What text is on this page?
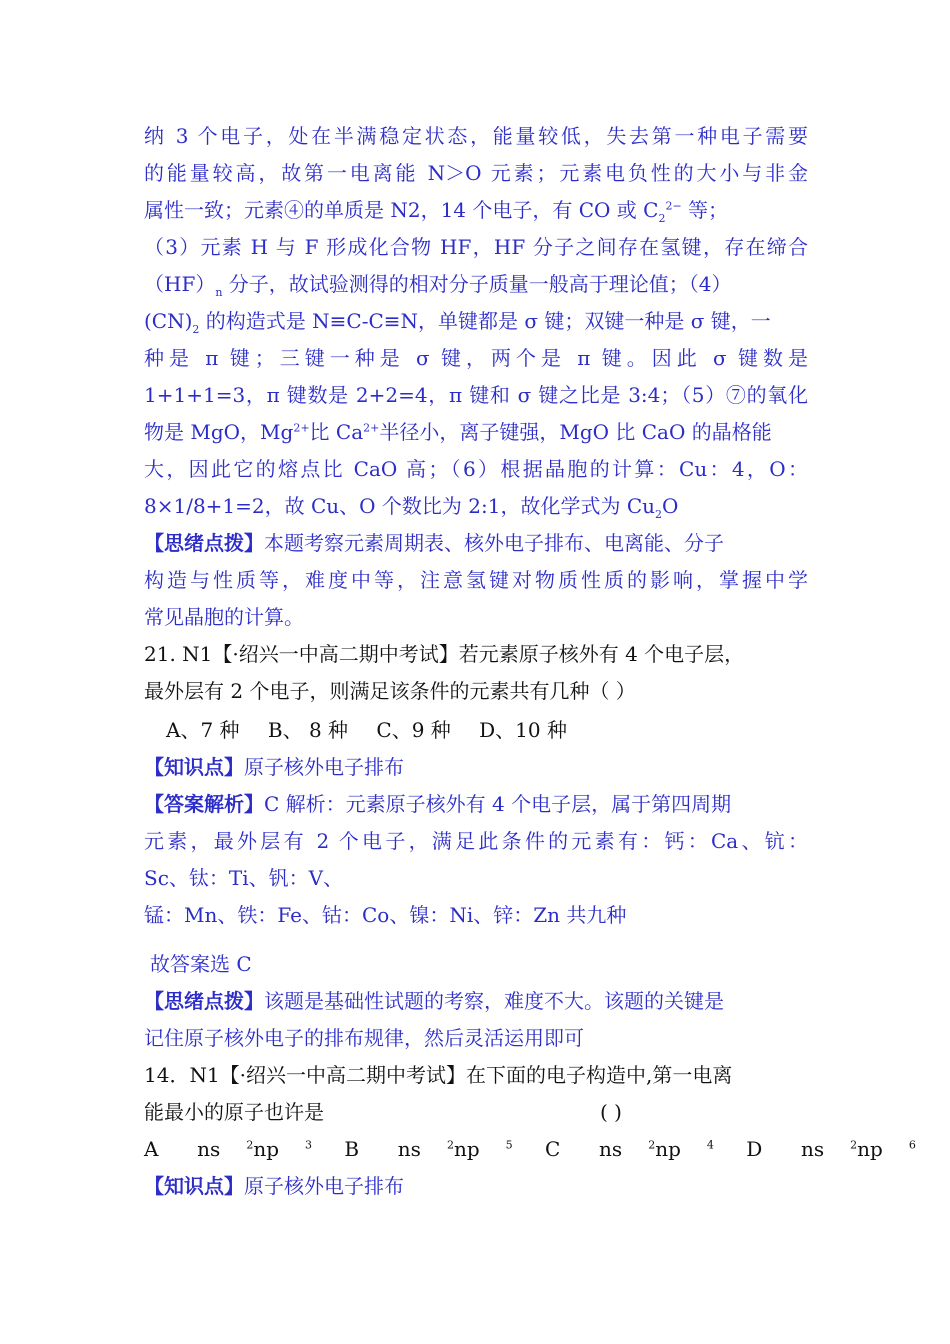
纳 3 个电子，处在半满稳定状态，能量较低，失去第一种电子需要
的能量较高，故第一电离能 N＞O 元素；元素电负性的大小与非金
属性一致；元素④的单质是 N2，14 个电子，有 CO 或 $C_2^{2-}$ 等；
（3）元素 H 与 F 形成化合物 HF，HF 分子之间存在氢键，存在缔合
$(HF)_n$ 分子，故试验测得的相对分子质量一般高于理论值；（4）
$(CN)_2$ 的构造式是 N≡C-C≡N，单键都是 σ 键；双键一种是 σ 键，一
种是 π 键；三键一种是 σ 键，两个是 π 键。因此 σ 键数是
1+1+1=3，π 键数是 2+2=4，π 键和 σ 键之比是 3:4；（5）⑦的氧化
物是 MgO，$Mg^{2+}$比 $Ca^{2+}$半径小，离子键强，MgO 比 CaO 的晶格能
大，因此它的熔点比 CaO 高；（6）根据晶胞的计算：Cu：4，O：
8×1/8+1=2，故 Cu、O 个数比为 2:1，故化学式为 $Cu_2O$
【思绪点拨】本题考察元素周期表、核外电子排布、电离能、分子
构造与性质等，难度中等，注意氢键对物质性质的影响，掌握中学
常见晶胞的计算。
21. N1【·绍兴一中高二期中考试】若元素原子核外有 4 个电子层，
最外层有 2 个电子，则满足该条件的元素共有几种（ ）
A、7 种 B、 8 种 C、9 种 D、10 种
【知识点】原子核外电子排布
【答案解析】C 解析：元素原子核外有 4 个电子层，属于第四周期
元素，最外层有 2 个电子，满足此条件的元素有：钙：Ca、钪：
Sc、钛：Ti、钒：V、
锰：Mn、铁：Fe、钴：Co、镍：Ni、锌：Zn 共九种
故答案选 C
【思绪点拨】该题是基础性试题的考察，难度不大。该题的关键是
记住原子核外电子的排布规律，然后灵活运用即可
14．N1【·绍兴一中高二期中考试】在下面的电子构造中,第一电离
能最小的原子也许是	( )
A ns $^2$np $^3$ B ns $^2$np $^5$ C ns $^2$np $^4$ D ns $^2$np $^6$
【知识点】原子核外电子排布
